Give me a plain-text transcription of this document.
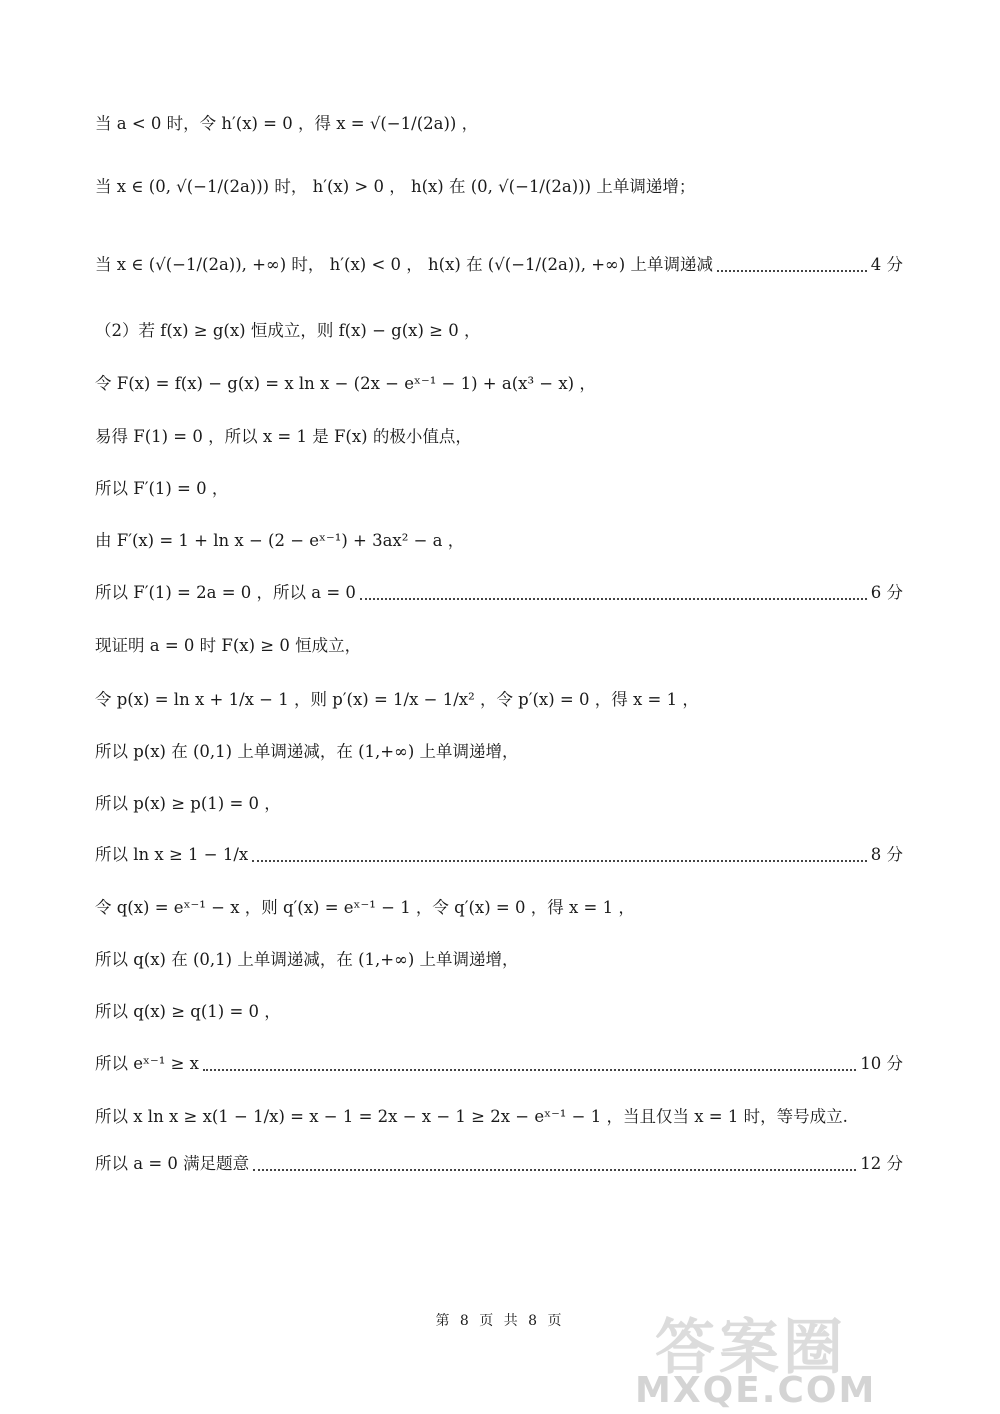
当 a < 0 时，令 h′(x) = 0 ，得 x = √(−1/(2a)) ，
当 x ∈ (0, √(−1/(2a))) 时， h′(x) > 0 ， h(x) 在 (0, √(−1/(2a))) 上单调递增；
当 x ∈ (√(−1/(2a)), +∞) 时， h′(x) < 0 ， h(x) 在 (√(−1/(2a)), +∞) 上单调递减	4 分
（2）若 f(x) ≥ g(x) 恒成立，则 f(x) − g(x) ≥ 0 ，
令 F(x) = f(x) − g(x) = x ln x − (2x − eˣ⁻¹ − 1) + a(x³ − x) ，
易得 F(1) = 0 ，所以 x = 1 是 F(x) 的极小值点，
所以 F′(1) = 0 ，
由 F′(x) = 1 + ln x − (2 − eˣ⁻¹) + 3ax² − a ，
所以 F′(1) = 2a = 0 ，所以 a = 0	6 分
现证明 a = 0 时 F(x) ≥ 0 恒成立，
令 p(x) = ln x + 1/x − 1 ，则 p′(x) = 1/x − 1/x² ，令 p′(x) = 0 ，得 x = 1 ，
所以 p(x) 在 (0,1) 上单调递减，在 (1,+∞) 上单调递增，
所以 p(x) ≥ p(1) = 0 ，
所以 ln x ≥ 1 − 1/x	8 分
令 q(x) = eˣ⁻¹ − x ，则 q′(x) = eˣ⁻¹ − 1 ，令 q′(x) = 0 ，得 x = 1 ，
所以 q(x) 在 (0,1) 上单调递减，在 (1,+∞) 上单调递增，
所以 q(x) ≥ q(1) = 0 ，
所以 eˣ⁻¹ ≥ x	10 分
所以 x ln x ≥ x(1 − 1/x) = x − 1 = 2x − x − 1 ≥ 2x − eˣ⁻¹ − 1 ，当且仅当 x = 1 时，等号成立.
所以 a = 0 满足题意	12 分
第 8 页 共 8 页	答案圈
MXQE.COM
